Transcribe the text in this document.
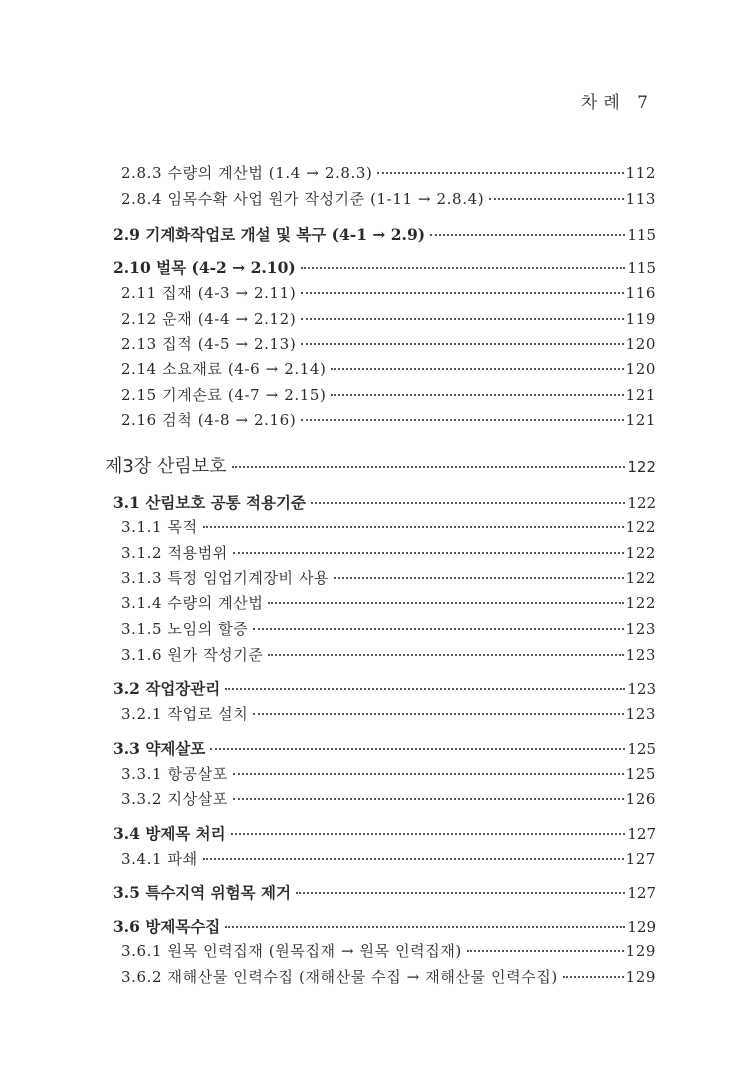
차례 7
2.8.3 수량의 계산법 (1.4 → 2.8.3)	112
2.8.4 임목수확 사업 원가 작성기준 (1-11 → 2.8.4)	113
2.9 기계화작업로 개설 및 복구 (4-1 → 2.9)	115
2.10 벌목 (4-2 → 2.10)	115
2.11 집재 (4-3 → 2.11)	116
2.12 운재 (4-4 → 2.12)	119
2.13 집적 (4-5 → 2.13)	120
2.14 소요재료 (4-6 → 2.14)	120
2.15 기계손료 (4-7 → 2.15)	121
2.16 검척 (4-8 → 2.16)	121
제3장 산림보호	122
3.1 산림보호 공통 적용기준	122
3.1.1 목적	122
3.1.2 적용범위	122
3.1.3 특정 임업기계장비 사용	122
3.1.4 수량의 계산법	122
3.1.5 노임의 할증	123
3.1.6 원가 작성기준	123
3.2 작업장관리	123
3.2.1 작업로 설치	123
3.3 약제살포	125
3.3.1 항공살포	125
3.3.2 지상살포	126
3.4 방제목 처리	127
3.4.1 파쇄	127
3.5 특수지역 위험목 제거	127
3.6 방제목수집	129
3.6.1 원목 인력집재 (원목집재 → 원목 인력집재)	129
3.6.2 재해산물 인력수집 (재해산물 수집 → 재해산물 인력수집)	129
